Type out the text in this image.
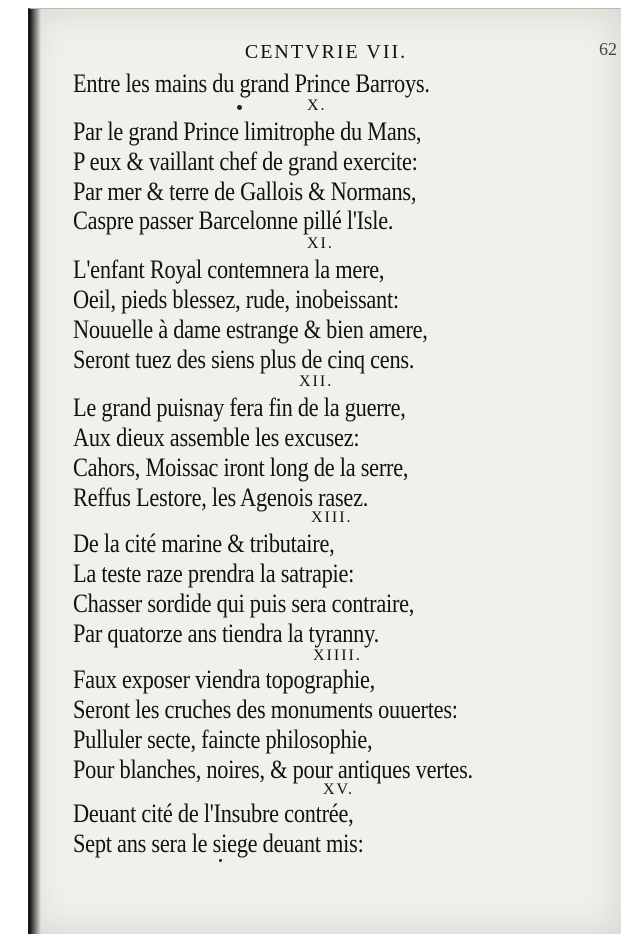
CENTVRIE VII.	62
Entre les mains du grand Prince Barroys.
X.
Par le grand Prince limitrophe du Mans,
P eux & vaillant chef de grand exercite:
Par mer & terre de Gallois & Normans,
Caspre passer Barcelonne pillé l'Isle.
XI.
L'enfant Royal contemnera la mere,
Oeil, pieds blessez, rude, inobeissant:
Nouuelle à dame estrange & bien amere,
Seront tuez des siens plus de cinq cens.
XII.
Le grand puisnay fera fin de la guerre,
Aux dieux assemble les excusez:
Cahors, Moissac iront long de la serre,
Reffus Lestore, les Agenois rasez.
XIII.
De la cité marine & tributaire,
La teste raze prendra la satrapie:
Chasser sordide qui puis sera contraire,
Par quatorze ans tiendra la tyranny.
XIIII.
Faux exposer viendra topographie,
Seront les cruches des monuments ouuertes:
Pulluler secte, faincte philosophie,
Pour blanches, noires, & pour antiques vertes.
XV.
Deuant cité de l'Insubre contrée,
Sept ans sera le siege deuant mis:
